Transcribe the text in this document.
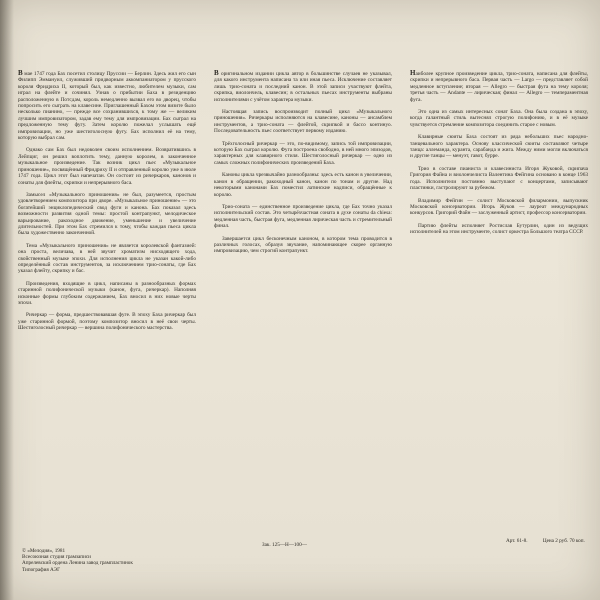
В мае 1747 года Бах посетил столицу Пруссии — Берлин. Здесь жил его сын Филипп Эммануил, служивший придворным аккомпаниатором у прусского короля Фридриха II, который был, как известно, любителем музыки, сам играл на флейте и сочинял. Узнав о прибытии Баха в резиденцию расположенную в Потсдам, король немедленно вызвал его во дворец, чтобы попросить его сыграть на клавесине. Приглашенный Бахом этом визите было несколько пианино, — прежде все сохранившихся, к тому же — великим лучшим импровизатором, задав ему тему для импровизации. Бах сыграл на предложенную тему фугу. Затем королю пожелал услышать ещё импровизации, но уже шестиголосную фугу. Бах исполнил её на тему, которую выбрал сам.

Однако сам Бах был недоволен своим исполнением. Возвратившись в Лейпциг, он решил воплотить тему, данную королем, в законченное музыкальное произведение. Так возник цикл пьес «Музыкальное приношение», посвящённый Фридриху II и отправленный королю уже в июле 1747 года. Цикл этот был напечатан. Он состоит из ричеркаров, канонов и сонаты для флейты, скрипки и непрерывного баса.

Замысел «Музыкального приношения» не был, разумеется, простым удовлетворением композитора при дворе. «Музыкальное приношение» — это богатейший энциклопедический свод фуги и канона. Бах показал здесь возможности развития одной темы: простой контрапункт, мелодическое варьирование, ракоходное движение, уменьшение и увеличение длительностей. При этом Бах стремился к тому, чтобы каждая пьеса цикла была художественно законченной.

Тема «Музыкального приношения» не является королевской фантазией: она проста, величава, в ней звучит хроматизм нисходящего хода, свойственный музыке эпохи. Для исполнения цикла не указан какой-либо определённый состав инструментов, за исключением трио-сонаты, где Бах указал флейту, скрипку и бас.

Произведения, входящие в цикл, написаны в разнообразных формах старинной полифонической музыки (канон, фуга, ричеркар). Наполняя исконные формы глубоким содержанием, Бах вносил в них новые черты эпохи.

Ричеркар — форма, предшествовавшая фуге. В эпоху Баха ричеркар был уже старинной формой, поэтому композитор вносил в неё свои черты. Шестиголосный ричеркар — вершина полифонического мастерства.

В оригинальном издании цикла автор в большинстве случаев не указывал, для какого инструмента написана та или иная пьеса. Исключение составляет лишь трио-соната и последний канон. В этой записи участвуют флейта, скрипка, виолончель, клавесин; в остальных пьесах инструменты выбраны исполнителями с учётом характера музыки.

Настоящая запись воспроизводит полный цикл «Музыкального приношения». Ричеркары исполняются на клавесине, каноны — ансамблем инструментов, а трио-соната — флейтой, скрипкой и бассо континуо. Последовательность пьес соответствует первому изданию.

Трёхголосный ричеркар — это, по-видимому, запись той импровизации, которую Бах сыграл королю. Фуга построена свободно, в ней много эпизодов, характерных для клавирного стиля. Шестиголосный ричеркар — одно из самых сложных полифонических произведений Баха.

Каноны цикла чрезвычайно разнообразны: здесь есть канон в увеличении, канон в обращении, ракоходный канон, канон по тонам и другие. Над некоторыми канонами Бах поместил латинские надписи, обращённые к королю.

Трио-соната — единственное произведение цикла, где Бах точно указал исполнительский состав. Это четырёхчастная соната в духе сонаты da chiesa: медленная часть, быстрая фуга, медленная лирическая часть и стремительный финал.

Завершается цикл бесконечным каноном, в котором тема проводится в различных голосах, образуя звучание, напоминающее скорее органную импровизацию, чем строгий контрапункт.

Наиболее крупное произведение цикла, трио-соната, написана для флейты, скрипки и непрерывного баса. Первая часть — Largo — представляет собой медленное вступление; вторая — Allegro — быстрая фуга на тему короля; третья часть — Andante — лирическая; финал — Allegro — темпераментная фуга.

Это одна из самых интересных сонат Баха. Она была создана в эпоху, когда галантный стиль вытеснял строгую полифонию, и в её музыке чувствуется стремление композитора соединить старое с новым.

Клавирные сюиты Баха состоят из ряда небольших пьес народно-танцевального характера. Основу классической сюиты составляют четыре танца: аллеманда, куранта, сарабанда и жига. Между ними могли включаться и другие танцы — менуэт, гавот, бурре.

Трио в составе пианиста и клавесиниста Игоря Жуковой, скрипача Григория Файна и виолончелиста Валентина Фейгина основано в конце 1963 года. Исполнители постоянно выступают с концертами, записывают пластинки, гастролируют за рубежом.

Владимир Фейгин — солист Московской филармонии, выпускник Московской консерватории. Игорь Жуков — лауреат международных конкурсов. Григорий Файн — заслуженный артист, профессор консерватории.

Партию флейты исполняет Ростислав Бутурлин, один из ведущих исполнителей на этом инструменте, солист оркестра Большого театра СССР.

© «Мелодия», 1981
Всесоюзная студия грамзаписи
Апрелевский ордена Ленина завод грампластинок
Типография АЭГ
Зак. 125—Н—100—
Арт. 61-8.	Цена 2 руб. 70 коп.
